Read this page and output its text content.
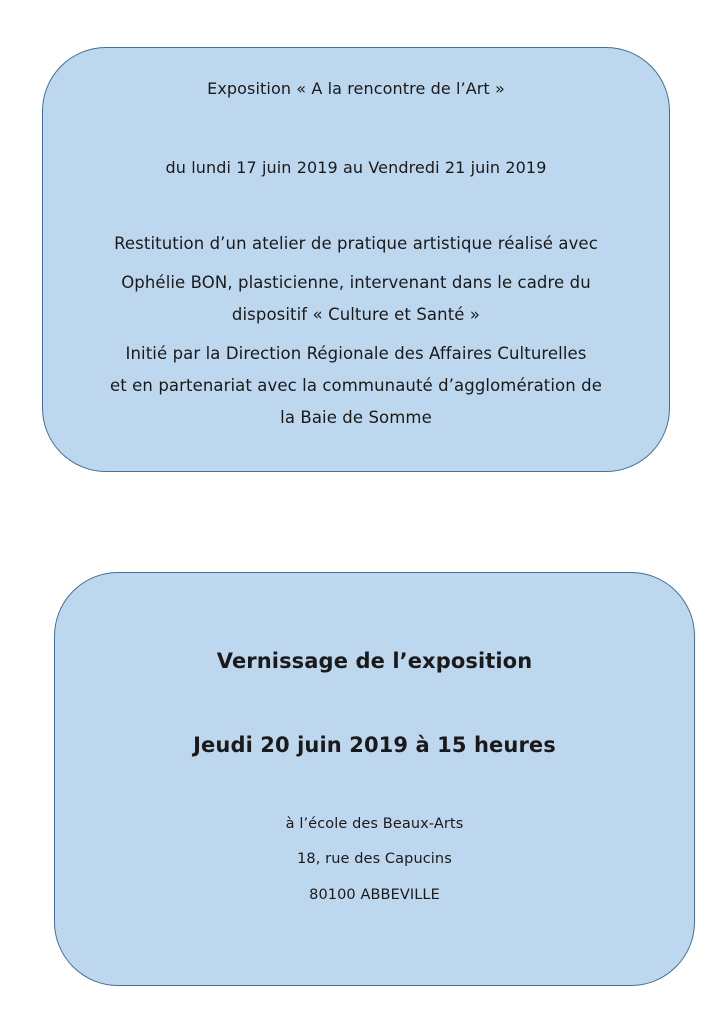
Exposition « A la rencontre de l’Art »
du lundi 17 juin 2019 au Vendredi 21 juin 2019
Restitution d’un atelier de pratique artistique réalisé avec
Ophélie BON, plasticienne, intervenant dans le cadre du
dispositif « Culture et Santé »
Initié par la Direction Régionale des Affaires Culturelles
et en partenariat avec la communauté d’agglomération de
la Baie de Somme
Vernissage de l’exposition
Jeudi 20 juin 2019 à 15 heures
à l’école des Beaux-Arts
18, rue des Capucins
80100 ABBEVILLE
